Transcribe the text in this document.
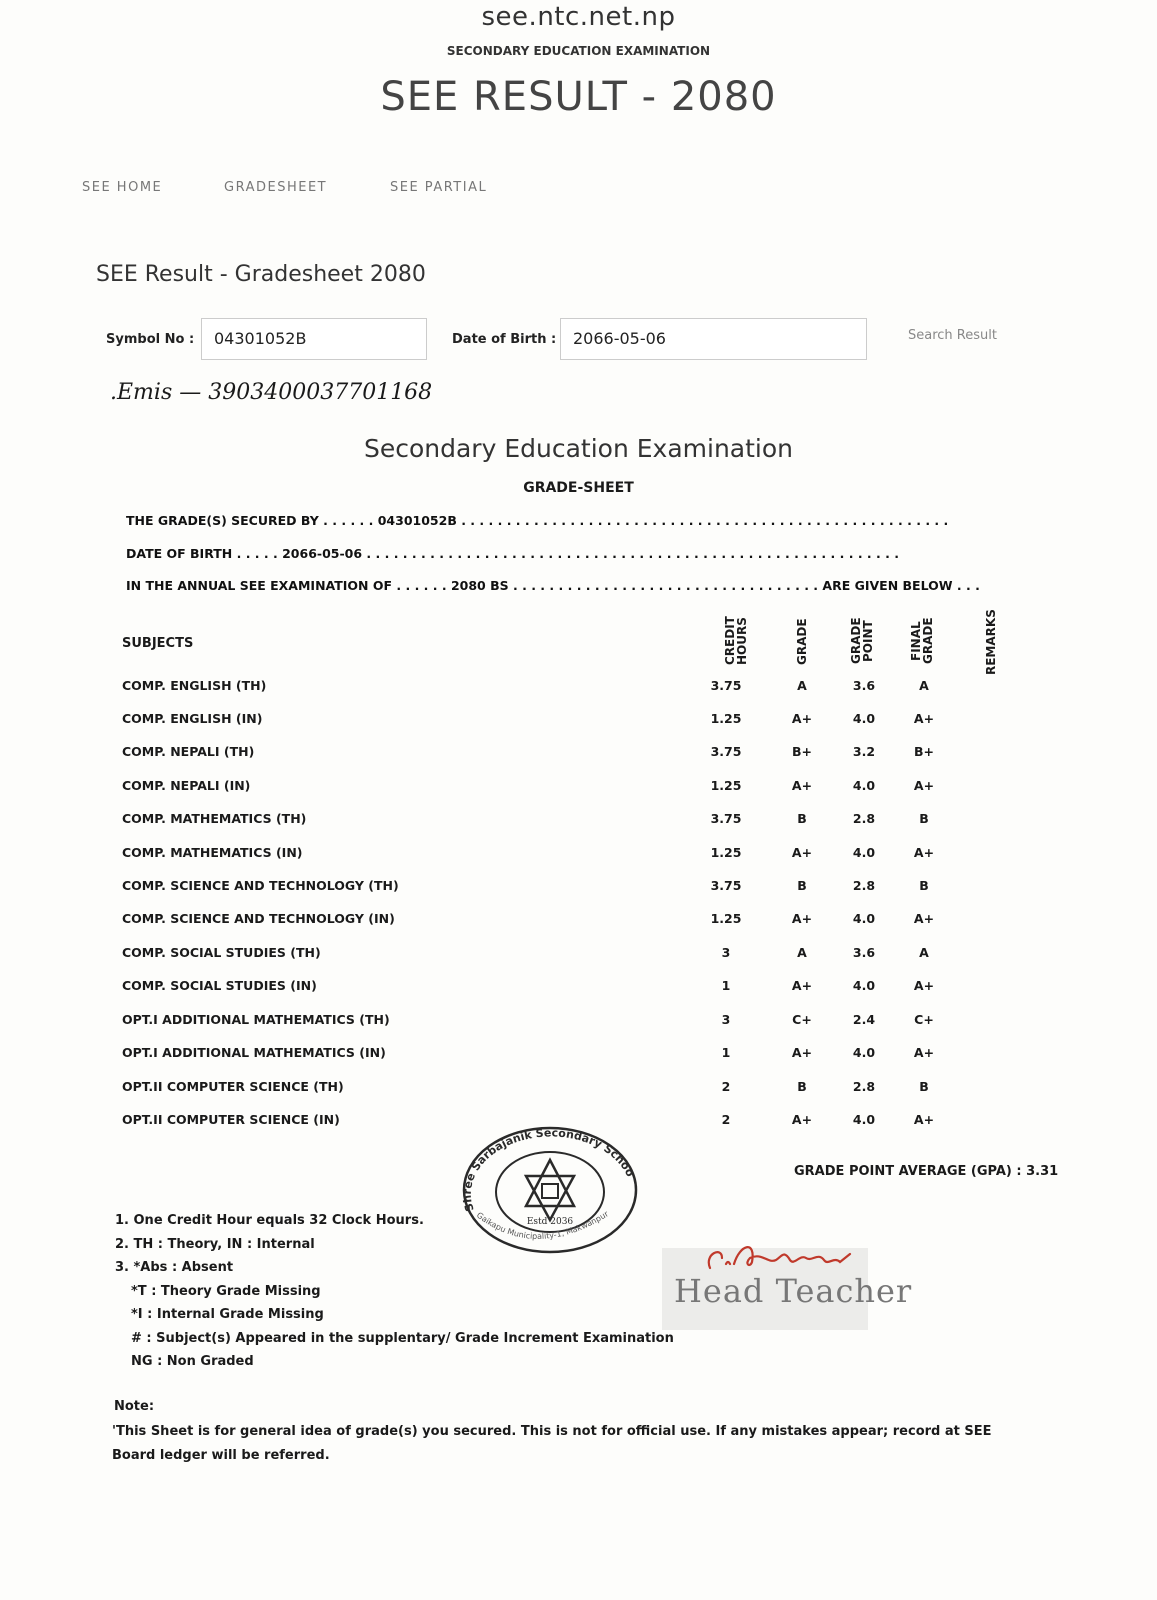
see.ntc.net.np
SECONDARY EDUCATION EXAMINATION
SEE RESULT - 2080
SEE HOME	GRADESHEET	SEE PARTIAL
SEE Result - Gradesheet 2080
Symbol No :	04301052B	Date of Birth :	2066-05-06	Search Result
.Emis — 3903400037701168
Secondary Education Examination
GRADE-SHEET
THE GRADE(S) SECURED BY . . . . . . 04301052B . . . . . . . . . . . . . . . . . . . . . . . . . . . . . . . . . . . . . . . . . . . . . . . . . . . . . .
DATE OF BIRTH . . . . . 2066-05-06 . . . . . . . . . . . . . . . . . . . . . . . . . . . . . . . . . . . . . . . . . . . . . . . . . . . . . . . . . . .
IN THE ANNUAL SEE EXAMINATION OF . . . . . . 2080 BS . . . . . . . . . . . . . . . . . . . . . . . . . . . . . . . . . . ARE GIVEN BELOW . . .
SUBJECTS	CREDIT HOURS	GRADE	GRADE POINT	FINAL GRADE	REMARKS
COMP. ENGLISH (TH)	3.75	A	3.6	A
COMP. ENGLISH (IN)	1.25	A+	4.0	A+
COMP. NEPALI (TH)	3.75	B+	3.2	B+
COMP. NEPALI (IN)	1.25	A+	4.0	A+
COMP. MATHEMATICS (TH)	3.75	B	2.8	B
COMP. MATHEMATICS (IN)	1.25	A+	4.0	A+
COMP. SCIENCE AND TECHNOLOGY (TH)	3.75	B	2.8	B
COMP. SCIENCE AND TECHNOLOGY (IN)	1.25	A+	4.0	A+
COMP. SOCIAL STUDIES (TH)	3	A	3.6	A
COMP. SOCIAL STUDIES (IN)	1	A+	4.0	A+
OPT.I ADDITIONAL MATHEMATICS (TH)	3	C+	2.4	C+
OPT.I ADDITIONAL MATHEMATICS (IN)	1	A+	4.0	A+
OPT.II COMPUTER SCIENCE (TH)	2	B	2.8	B
OPT.II COMPUTER SCIENCE (IN)	2	A+	4.0	A+
GRADE POINT AVERAGE (GPA) : 3.31
Shree Sarbajanik Secondary Schoo
Estd 2036
Gaikapu Municipality-1, Makwanpur
1. One Credit Hour equals 32 Clock Hours.
2. TH : Theory, IN : Internal
3. *Abs : Absent
*T : Theory Grade Missing
*I : Internal Grade Missing
# : Subject(s) Appeared in the supplentary/ Grade Increment Examination
NG : Non Graded
Head Teacher
Note:
'This Sheet is for general idea of grade(s) you secured. This is not for official use. If any mistakes appear; record at SEE Board ledger will be referred.
